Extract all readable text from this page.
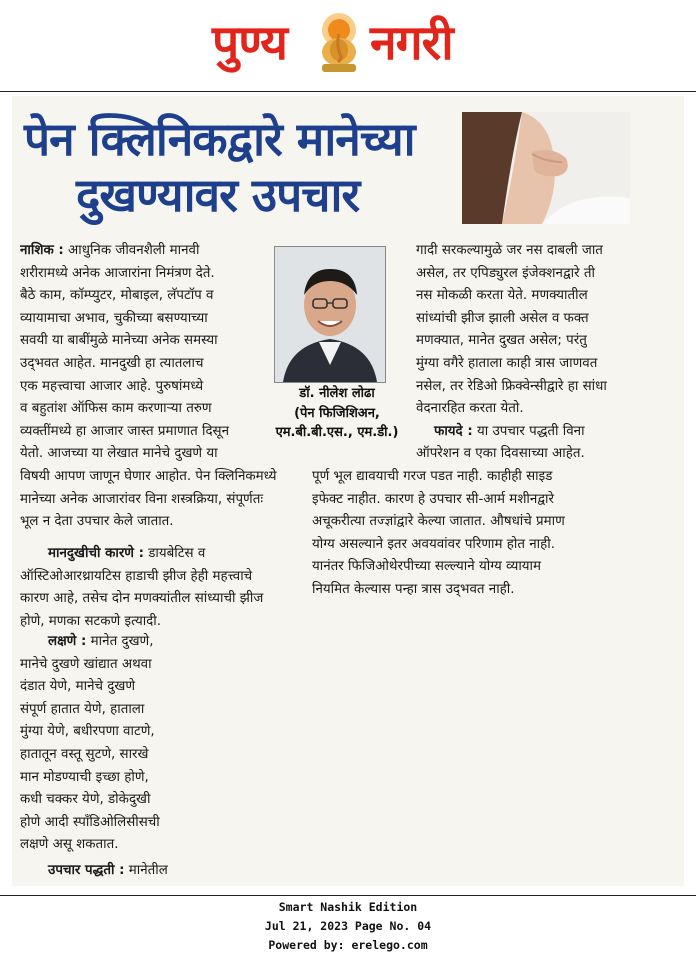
पुण्य नगरी
पेन क्लिनिकद्वारे मानेच्या
दुखण्यावर उपचार
नाशिक : आधुनिक जीवनशैली मानवी
शरीरामध्ये अनेक आजारांना निमंत्रण देते.
बैठे काम, कॉम्प्युटर, मोबाइल, लॅपटॉप व
व्यायामाचा अभाव, चुकीच्या बसण्याच्या
सवयी या बाबींमुळे मानेच्या अनेक समस्या
उद्‌भवत आहेत. मानदुखी हा त्यातलाच
एक महत्त्वाचा आजार आहे. पुरुषांमध्ये
व बहुतांश ऑफिस काम करणाऱ्या तरुण
व्यक्तींमध्ये हा आजार जास्त प्रमाणात दिसून
येतो. आजच्या या लेखात मानेचे दुखणे या
विषयी आपण जाणून घेणार आहोत. पेन क्लिनिकमध्ये
मानेच्या अनेक आजारांवर विना शस्त्रक्रिया, संपूर्णतः
भूल न देता उपचार केले जातात.
डॉ. नीलेश लोढा
(पेन फिजिशिअन,
एम.बी.बी.एस., एम.डी.)
मानदुखीची कारणे : डायबेटिस व
ऑस्टिओआरथ्रायटिस हाडाची झीज हेही महत्त्वाचे
कारण आहे, तसेच दोन मणक्यांतील सांध्याची झीज
होणे, मणका सटकणे इत्यादी.
लक्षणे : मानेत दुखणे,
मानेचे दुखणे खांद्यात अथवा
दंडात येणे, मानेचे दुखणे
संपूर्ण हातात येणे, हाताला
मुंग्या येणे, बधीरपणा वाटणे,
हातातून वस्तू सुटणे, सारखे
मान मोडण्याची इच्छा होणे,
कधी चक्कर येणे, डोकेदुखी
होणे आदी स्पाँडिओलिसीसची
लक्षणे असू शकतात.
उपचार पद्धती : मानेतील
गादी सरकल्यामुळे जर नस दाबली जात
असेल, तर एपिड्युरल इंजेक्शनद्वारे ती
नस मोकळी करता येते. मणक्यातील
सांध्यांची झीज झाली असेल व फक्त
मणक्यात, मानेत दुखत असेल; परंतु
मुंग्या वगैरे हाताला काही त्रास जाणवत
नसेल, तर रेडिओ फ्रिक्वेन्सीद्वारे हा सांधा
वेदनारहित करता येतो.
फायदे : या उपचार पद्धती विना
ऑपरेशन व एका दिवसाच्या आहेत.
पूर्ण भूल द्यावयाची गरज पडत नाही. काहीही साइड
इफेक्ट नाहीत. कारण हे उपचार सी-आर्म मशीनद्वारे
अचूकरीत्या तज्ज्ञांद्वारे केल्या जातात. औषधांचे प्रमाण
योग्य असल्याने इतर अवयवांवर परिणाम होत नाही.
यानंतर फिजिओथेरपीच्या सल्ल्याने योग्य व्यायाम
नियमित केल्यास पन्हा त्रास उद्‌भवत नाही.
Smart Nashik Edition
Jul 21, 2023 Page No. 04
Powered by: erelego.com
